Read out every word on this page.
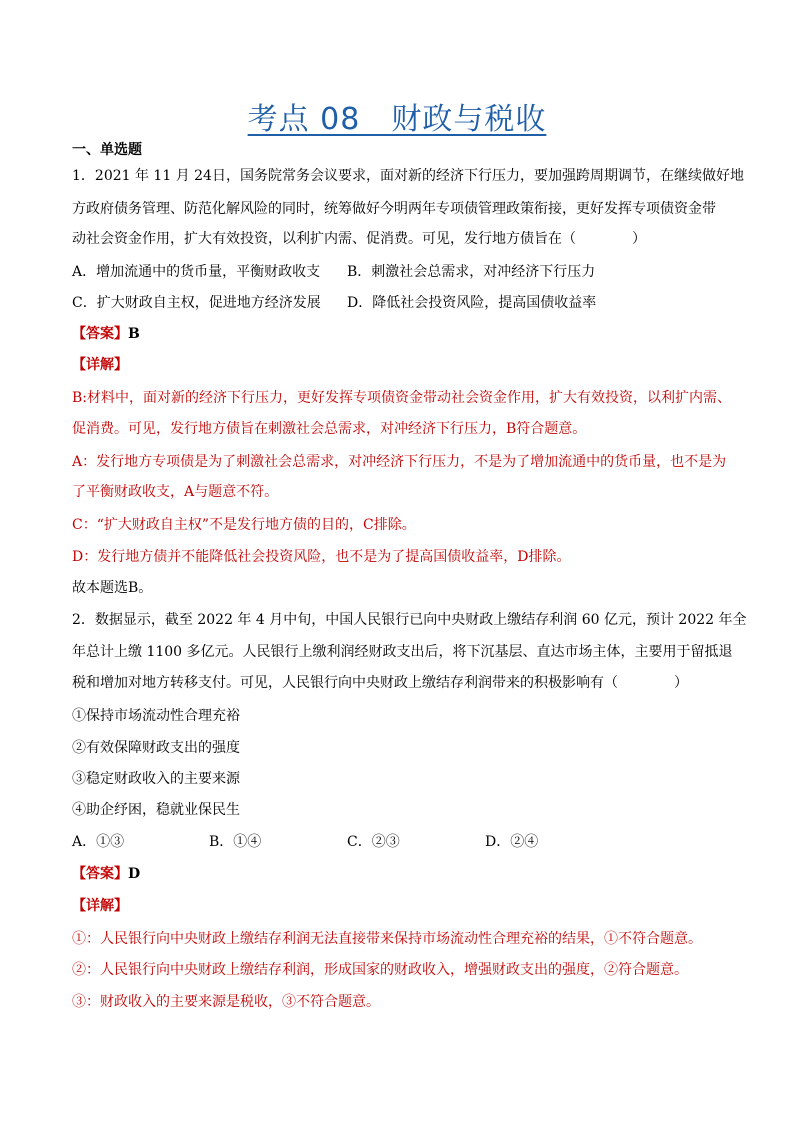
考点 08　财政与税收
一、单选题
1．2021 年 11 月 24日，国务院常务会议要求，面对新的经济下行压力，要加强跨周期调节，在继续做好地
方政府债务管理、防范化解风险的同时，统筹做好今明两年专项债管理政策衔接，更好发挥专项债资金带
动社会资金作用，扩大有效投资，以利扩内需、促消费。可见，发行地方债旨在（　　　　）
A．增加流通中的货币量，平衡财政收支 B．刺激社会总需求，对冲经济下行压力
C．扩大财政自主权，促进地方经济发展 D．降低社会投资风险，提高国债收益率
【答案】B
【详解】
B:材料中，面对新的经济下行压力，更好发挥专项债资金带动社会资金作用，扩大有效投资，以利扩内需、
促消费。可见，发行地方债旨在刺激社会总需求，对冲经济下行压力，B符合题意。
A：发行地方专项债是为了刺激社会总需求，对冲经济下行压力，不是为了增加流通中的货币量，也不是为
了平衡财政收支，A与题意不符。
C：“扩大财政自主权”不是发行地方债的目的，C排除。
D：发行地方债并不能降低社会投资风险，也不是为了提高国债收益率，D排除。
故本题选B。
2．数据显示，截至 2022 年 4 月中旬，中国人民银行已向中央财政上缴结存利润 60 亿元，预计 2022 年全
年总计上缴 1100 多亿元。人民银行上缴利润经财政支出后，将下沉基层、直达市场主体，主要用于留抵退
税和增加对地方转移支付。可见，人民银行向中央财政上缴结存利润带来的积极影响有（　　　　）
①保持市场流动性合理充裕
②有效保障财政支出的强度
③稳定财政收入的主要来源
④助企纾困，稳就业保民生
A．①③	B．①④	C．②③	D．②④
【答案】D
【详解】
①：人民银行向中央财政上缴结存利润无法直接带来保持市场流动性合理充裕的结果，①不符合题意。
②：人民银行向中央财政上缴结存利润，形成国家的财政收入，增强财政支出的强度，②符合题意。
③：财政收入的主要来源是税收，③不符合题意。
